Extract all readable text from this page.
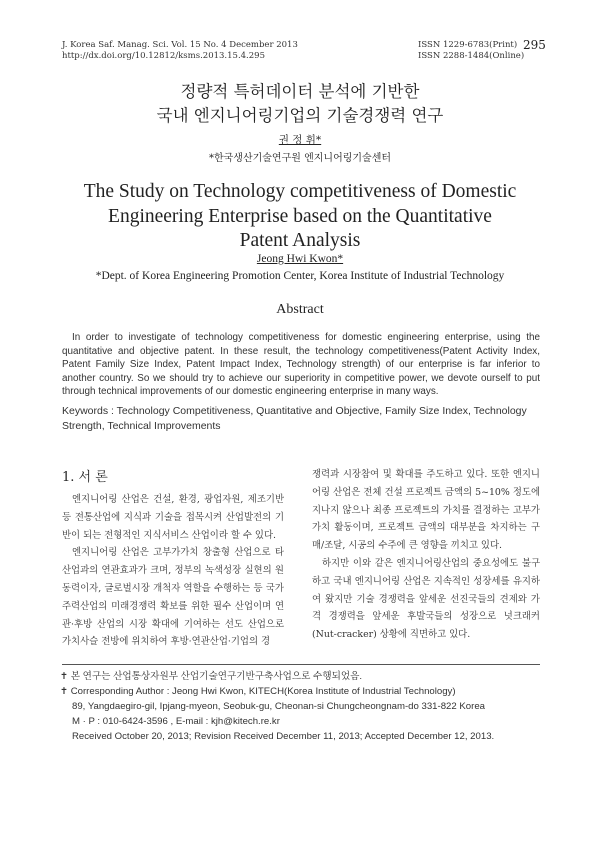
J. Korea Saf. Manag. Sci. Vol. 15 No. 4 December 2013
http://dx.doi.org/10.12812/ksms.2013.15.4.295
ISSN 1229-6783(Print)
ISSN 2288-1484(Online)
295
정량적 특허데이터 분석에 기반한
국내 엔지니어링기업의 기술경쟁력 연구
권 정 휘*
*한국생산기술연구원 엔지니어링기술센터
The Study on Technology competitiveness of Domestic
Engineering Enterprise based on the Quantitative
Patent Analysis
Jeong Hwi Kwon*
*Dept. of Korea Engineering Promotion Center, Korea Institute of Industrial Technology
Abstract
In order to investigate of technology competitiveness for domestic engineering enterprise, using the quantitative and objective patent. In these result, the technology competitiveness(Patent Activity Index, Patent Family Size Index, Patent Impact Index, Technology strength) of our enterprise is far inferior to another country. So we should try to achieve our superiority in competitive power, we devote ourself to put through technical improvements of our domestic engineering enterprise in many ways.
Keywords : Technology Competitiveness, Quantitative and Objective, Family Size Index, Technology Strength, Technical Improvements
1. 서 론

엔지니어링 산업은 건설, 환경, 광업자원, 제조기반 등 전통산업에 지식과 기술을 접목시켜 산업발전의 기반이 되는 전형적인 지식서비스 산업이라 할 수 있다.

엔지니어링 산업은 고부가가치 창출형 산업으로 타 산업과의 연관효과가 크며, 정부의 녹색성장 실현의 원동력이자, 글로벌시장 개척자 역할을 수행하는 등 국가 주력산업의 미래경쟁력 확보를 위한 필수 산업이며 연관·후방 산업의 시장 확대에 기여하는 선도 산업으로 가치사슬 전방에 위치하여 후방·연관산업·기업의 경

쟁력과 시장참여 및 확대를 주도하고 있다. 또한 엔지니어링 산업은 전체 건설 프로젝트 금액의 5~10% 정도에 지나지 않으나 최종 프로젝트의 가치를 결정하는 고부가가치 활동이며, 프로젝트 금액의 대부분을 차지하는 구매/조달, 시공의 수주에 큰 영향을 끼치고 있다.

하지만 이와 같은 엔지니어링산업의 중요성에도 불구하고 국내 엔지니어링 산업은 지속적인 성장세를 유지하여 왔지만 기술 경쟁력을 앞세운 선진국들의 견제와 가격 경쟁력을 앞세운 후발국들의 성장으로 넛크래커(Nut-cracker) 상황에 직면하고 있다.

✝ 본 연구는 산업통상자원부 산업기술연구기반구축사업으로 수행되었음.
✝ Corresponding Author : Jeong Hwi Kwon, KITECH(Korea Institute of Industrial Technology)
89, Yangdaegiro-gil, Ipjang-myeon, Seobuk-gu, Cheonan-si Chungcheongnam-do 331-822 Korea
M · P : 010-6424-3596 , E-mail : kjh@kitech.re.kr
Received October 20, 2013; Revision Received December 11, 2013; Accepted December 12, 2013.
